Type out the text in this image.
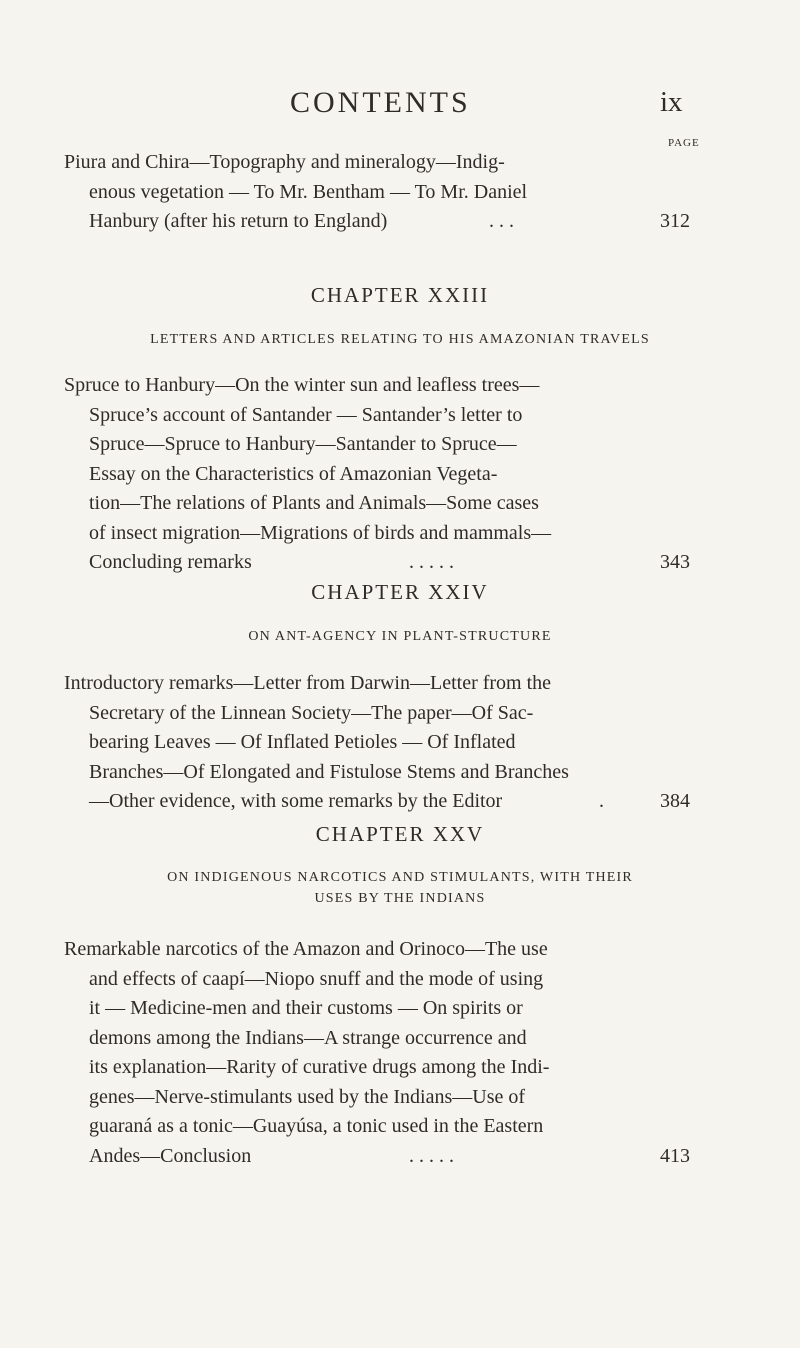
CONTENTS	ix
PAGE
Piura and Chira—Topography and mineralogy—Indig-
enous vegetation — To Mr. Bentham — To Mr. Daniel
Hanbury (after his return to England)	. . .	312
CHAPTER XXIII
LETTERS AND ARTICLES RELATING TO HIS AMAZONIAN TRAVELS
Spruce to Hanbury—On the winter sun and leafless trees—
Spruce’s account of Santander — Santander’s letter to
Spruce—Spruce to Hanbury—Santander to Spruce—
Essay on the Characteristics of Amazonian Vegeta-
tion—The relations of Plants and Animals—Some cases
of insect migration—Migrations of birds and mammals—
Concluding remarks	. . . . .	343
CHAPTER XXIV
ON ANT-AGENCY IN PLANT-STRUCTURE
Introductory remarks—Letter from Darwin—Letter from the
Secretary of the Linnean Society—The paper—Of Sac-
bearing Leaves — Of Inflated Petioles — Of Inflated
Branches—Of Elongated and Fistulose Stems and Branches
—Other evidence, with some remarks by the Editor	.	384
CHAPTER XXV
ON INDIGENOUS NARCOTICS AND STIMULANTS, WITH THEIR
USES BY THE INDIANS
Remarkable narcotics of the Amazon and Orinoco—The use
and effects of caapí—Niopo snuff and the mode of using
it — Medicine-men and their customs — On spirits or
demons among the Indians—A strange occurrence and
its explanation—Rarity of curative drugs among the Indi-
genes—Nerve-stimulants used by the Indians—Use of
guaraná as a tonic—Guayúsa, a tonic used in the Eastern
Andes—Conclusion	. . . . .	413
